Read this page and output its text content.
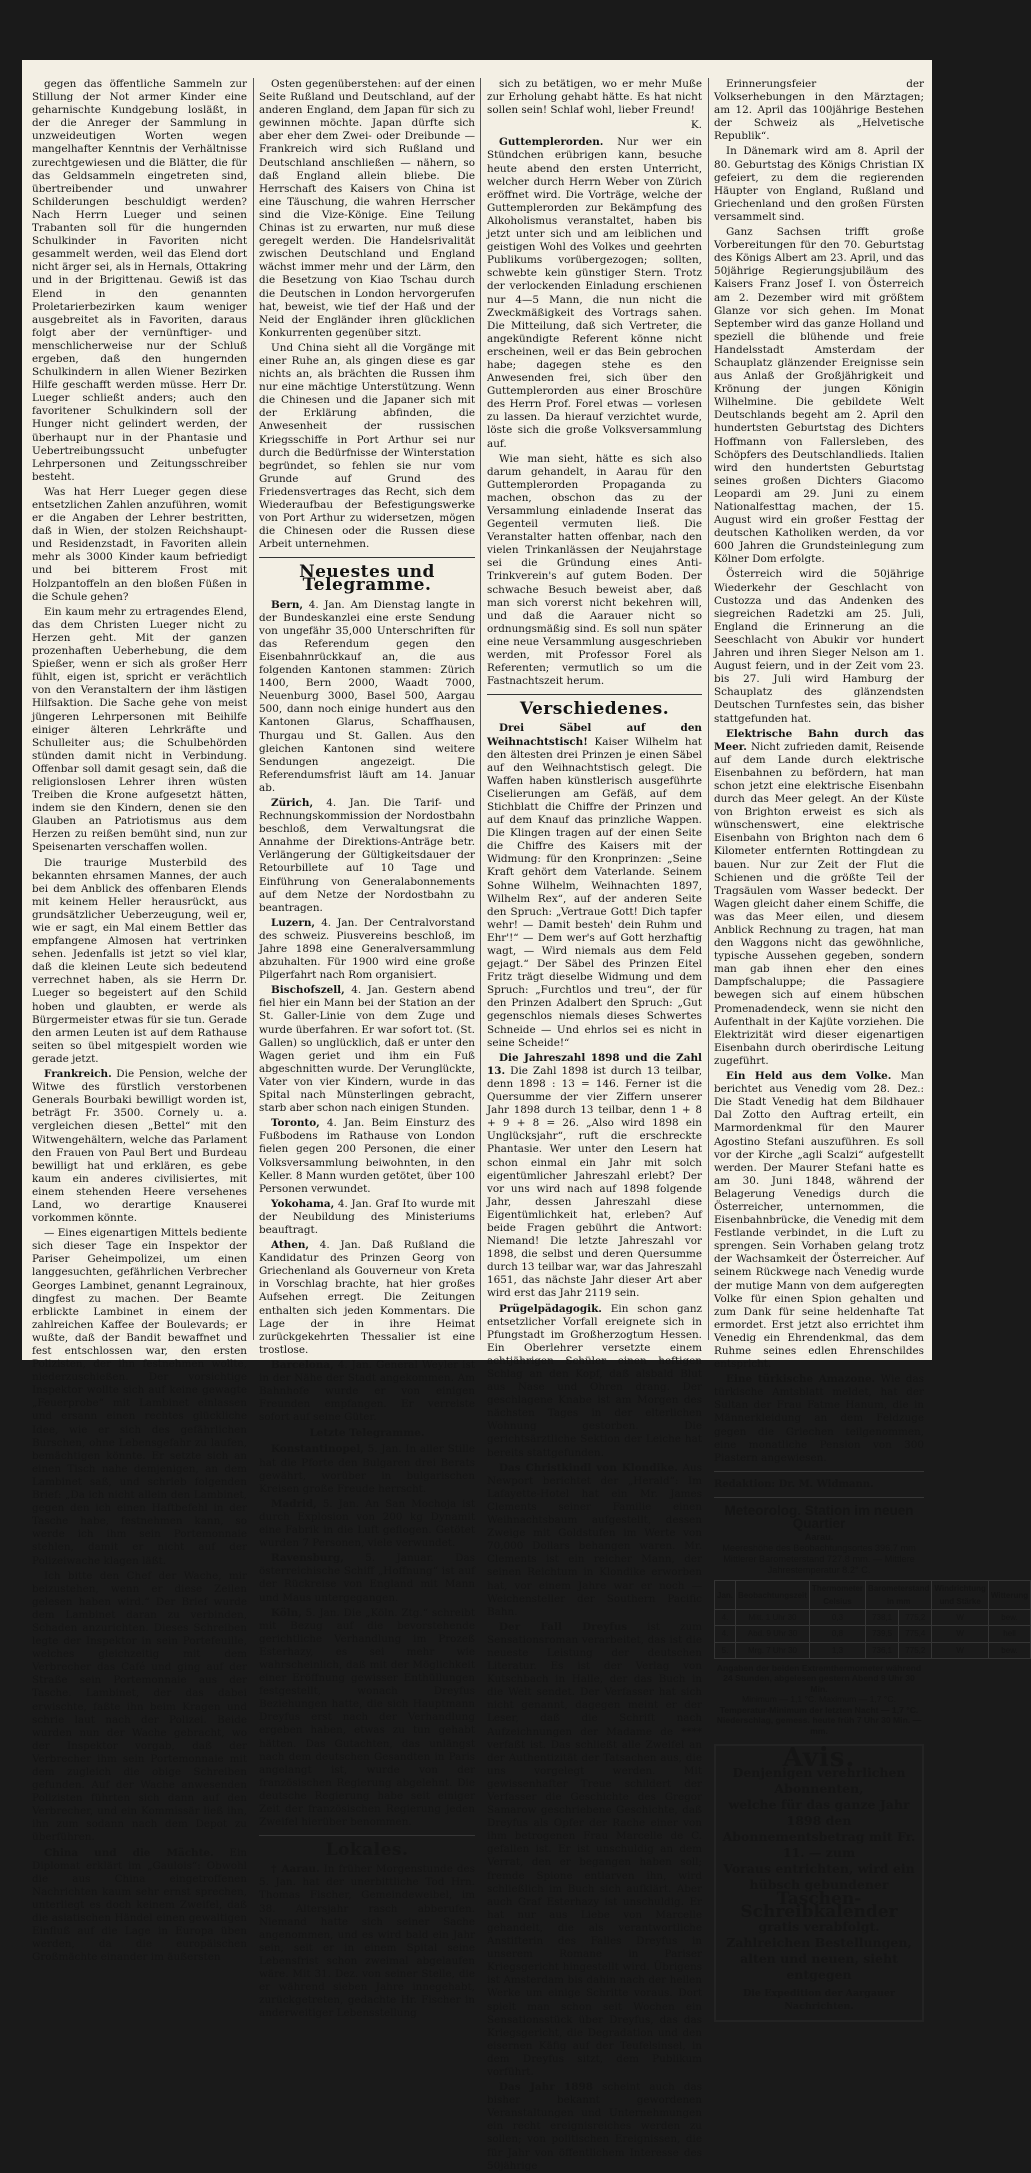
gegen das öffentliche Sammeln zur Stillung der Not armer Kinder eine geharnischte Kundgebung losläßt, in der die Anreger der Sammlung in unzweideutigen Worten wegen mangelhafter Kenntnis der Verhältnisse zurechtgewiesen und die Blätter, die für das Geldsammeln eingetreten sind, übertreibender und unwahrer Schilderungen beschuldigt werden? Nach Herrn Lueger und seinen Trabanten soll für die hungernden Schulkinder in Favoriten nicht gesammelt werden, weil das Elend dort nicht ärger sei, als in Hernals, Ottakring und in der Brigittenau. Gewiß ist das Elend in den genannten Proletarierbezirken kaum weniger ausgebreitet als in Favoriten, daraus folgt aber der vernünftiger- und menschlicherweise nur der Schluß ergeben, daß den hungernden Schulkindern in allen Wiener Bezirken Hilfe geschafft werden müsse. Herr Dr. Lueger schließt anders; auch den favoritener Schulkindern soll der Hunger nicht gelindert werden, der überhaupt nur in der Phantasie und Uebertreibungssucht unbefugter Lehrpersonen und Zeitungsschreiber besteht.

Was hat Herr Lueger gegen diese entsetzlichen Zahlen anzuführen, womit er die Angaben der Lehrer bestritten, daß in Wien, der stolzen Reichshaupt- und Residenzstadt, in Favoriten allein mehr als 3000 Kinder kaum befriedigt und bei bitterem Frost mit Holzpantoffeln an den bloßen Füßen in die Schule gehen?

Ein kaum mehr zu ertragendes Elend, das dem Christen Lueger nicht zu Herzen geht. Mit der ganzen prozenhaften Ueberhebung, die dem Spießer, wenn er sich als großer Herr fühlt, eigen ist, spricht er verächtlich von den Veranstaltern der ihm lästigen Hilfsaktion. Die Sache gehe von meist jüngeren Lehrpersonen mit Beihilfe einiger älteren Lehrkräfte und Schulleiter aus; die Schulbehörden stünden damit nicht in Verbindung. Offenbar soll damit gesagt sein, daß die religionslosen Lehrer ihren wüsten Treiben die Krone aufgesetzt hätten, indem sie den Kindern, denen sie den Glauben an Patriotismus aus dem Herzen zu reißen bemüht sind, nun zur Speisenarten verschaffen wollen.

Die traurige Musterbild des bekannten ehrsamen Mannes, der auch bei dem Anblick des offenbaren Elends mit keinem Heller herausrückt, aus grundsätzlicher Ueberzeugung, weil er, wie er sagt, ein Mal einem Bettler das empfangene Almosen hat vertrinken sehen. Jedenfalls ist jetzt so viel klar, daß die kleinen Leute sich bedeutend verrechnet haben, als sie Herrn Dr. Lueger so begeistert auf den Schild hoben und glaubten, er werde als Bürgermeister etwas für sie tun. Gerade den armen Leuten ist auf dem Rathause seiten so übel mitgespielt worden wie gerade jetzt.

Frankreich. Die Pension, welche der Witwe des fürstlich verstorbenen Generals Bourbaki bewilligt worden ist, beträgt Fr. 3500. Cornely u. a. vergleichen diesen „Bettel“ mit den Witwengehältern, welche das Parlament den Frauen von Paul Bert und Burdeau bewilligt hat und erklären, es gebe kaum ein anderes civilisiertes, mit einem stehenden Heere versehenes Land, wo derartige Knauserei vorkommen könnte.

— Eines eigenartigen Mittels bediente sich dieser Tage ein Inspektor der Pariser Geheimpolizei, um einen langgesuchten, gefährlichen Verbrecher Georges Lambinet, genannt Legrainoux, dingfest zu machen. Der Beamte erblickte Lambinet in einem der zahlreichen Kaffee der Boulevards; er wußte, daß der Bandit bewaffnet und fest entschlossen war, den ersten Polizisten, der ihn festnehmen wollte, niederzuschießen. Der vorsichtige Inspektor wollte sich auf keine gewagte „Feuerprobe“ mit Lambinet einlassen und ersann einen rechtes glückliche Idee, wie er sich des gefährlichen Burschen, ohne Lebensgefahr zu laufen, bemächtigen könnte. Er setzte sich an einen Tisch nahe demjenigen, an dem Lambinet saß, und schrieb folgenden Brief: „Da ich nicht allein den Lambinet, gegen den ich einen Haftbefehl in der Tasche habe, festnehmen kann, so werde ich ihm sein Portemonnaie stehlen, damit er nicht auf der Polizeiwache klagen läßt.

Ich bitte den Chef der Wache, mir beizustehen, wenn er diese Zeilen gelesen haben wird.“ Der Brief wurde dem Lambinet daran zu verbinden, Schaden anzurichten. Dieses Schreiben legte der Inspektor in sein Portefeuille, welches gleichzeitig mit dem Verbrecher das Café und ging auf der Straße sein Portemonnaie aus der Tasche. Lambinet, der das dabei erwischte, faßte ihn beim Kragen und schrie laut nach der Polizei. Beide wurden nun der Wache gebracht, wo der Inspektor vorgab, daß der Verbrecher ihm sein Portemonnaie mit dem zugleich die obige Schreiben gefunden. Auf der Wache anwesenden Polizisten führten sich dann auf den Verbrecher, und ein Kommissär ließ ihn, ihn zum sodann nach dem Depot zu überführen.

China und die Mächte. Ein Diplomat erklärt im „Gaulois“: Obwohl die aus China eingetroffenen Nachrichten kaum sehr ernst sprechen, unterliegt es doch keinem Zweifel, daß die asiatischen Händel einen gewaltigen Einfluß auf die Lage in Europa üben werden, da die europäischen Großmächte einander im äußersten

Osten gegenüberstehen: auf der einen Seite Rußland und Deutschland, auf der anderen England, dem Japan für sich zu gewinnen möchte. Japan dürfte sich aber eher dem Zwei- oder Dreibunde — Frankreich wird sich Rußland und Deutschland anschließen — nähern, so daß England allein bliebe. Die Herrschaft des Kaisers von China ist eine Täuschung, die wahren Herrscher sind die Vize-Könige. Eine Teilung Chinas ist zu erwarten, nur muß diese geregelt werden. Die Handelsrivalität zwischen Deutschland und England wächst immer mehr und der Lärm, den die Besetzung von Kiao Tschau durch die Deutschen in London hervorgerufen hat, beweist, wie tief der Haß und der Neid der Engländer ihren glücklichen Konkurrenten gegenüber sitzt.

Und China sieht all die Vorgänge mit einer Ruhe an, als gingen diese es gar nichts an, als brächten die Russen ihm nur eine mächtige Unterstützung. Wenn die Chinesen und die Japaner sich mit der Erklärung abfinden, die Anwesenheit der russischen Kriegsschiffe in Port Arthur sei nur durch die Bedürfnisse der Winterstation begründet, so fehlen sie nur vom Grunde auf Grund des Friedensvertrages das Recht, sich dem Wiederaufbau der Befestigungswerke von Port Arthur zu widersetzen, mögen die Chinesen oder die Russen diese Arbeit unternehmen.

Neuestes und Telegramme.

Bern, 4. Jan. Am Dienstag langte in der Bundeskanzlei eine erste Sendung von ungefähr 35,000 Unterschriften für das Referendum gegen den Eisenbahnrückkauf an, die aus folgenden Kantonen stammen: Zürich 1400, Bern 2000, Waadt 7000, Neuenburg 3000, Basel 500, Aargau 500, dann noch einige hundert aus den Kantonen Glarus, Schaffhausen, Thurgau und St. Gallen. Aus den gleichen Kantonen sind weitere Sendungen angezeigt. Die Referendumsfrist läuft am 14. Januar ab.

Zürich, 4. Jan. Die Tarif- und Rechnungskommission der Nordostbahn beschloß, dem Verwaltungsrat die Annahme der Direktions-Anträge betr. Verlängerung der Gültigkeitsdauer der Retourbillete auf 10 Tage und Einführung von Generalabonnements auf dem Netze der Nordostbahn zu beantragen.

Luzern, 4. Jan. Der Centralvorstand des schweiz. Piusvereins beschloß, im Jahre 1898 eine Generalversammlung abzuhalten. Für 1900 wird eine große Pilgerfahrt nach Rom organisiert.

Bischofszell, 4. Jan. Gestern abend fiel hier ein Mann bei der Station an der St. Galler-Linie von dem Zuge und wurde überfahren. Er war sofort tot. (St. Gallen) so unglücklich, daß er unter den Wagen geriet und ihm ein Fuß abgeschnitten wurde. Der Verunglückte, Vater von vier Kindern, wurde in das Spital nach Münsterlingen gebracht, starb aber schon nach einigen Stunden.

Toronto, 4. Jan. Beim Einsturz des Fußbodens im Rathause von London fielen gegen 200 Personen, die einer Volksversammlung beiwohnten, in den Keller. 8 Mann wurden getötet, über 100 Personen verwundet.

Yokohama, 4. Jan. Graf Ito wurde mit der Neubildung des Ministeriums beauftragt.

Athen, 4. Jan. Daß Rußland die Kandidatur des Prinzen Georg von Griechenland als Gouverneur von Kreta in Vorschlag brachte, hat hier großes Aufsehen erregt. Die Zeitungen enthalten sich jeden Kommentars. Die Lage der in ihre Heimat zurückgekehrten Thessalier ist eine trostlose.

Barcelona, 4. Jan. General Weyler ist in der Nähe der Stadt angekommen. Am Bahnhofe wurde er von einigen Freunden empfangen. Er verreiste sofort auf seine Güter.

Letzte Telegramme.

Konstantinopel, 5. Jan. In aller Stille hat die Pforte den Bulgaren drei Berats gewährt, worüber in bulgarischen Kreisen große Freude herrscht.

Madrid, 5. Jan. An San Mochoja ist durch Explosion von 200 kg Dynamit eine Fabrik in die Luft geflogen. Getötet wurden 7 Personen, viele verwundet.

Ravensburg, 5. Januar. Das österreichische Schiff „Hoffnung“ ist auf der Rückreise von England mit Mann und Maus untergegangen.

Köln, 5. Jan. Die „Köln. Ztg.“ schreibt mit Bezug auf die bevorstehende gerichtliche Verhandlung im Prozeß Esterhazy, es sei mehr wie wahrscheinlich, daß mit der Möglichkeit einer Eröffnung gewisser Enthüllungen festgestellt, wonach Dreyfus Beziehungen hatte, die sich Hauptmann Dreyfus erst nach der Verhandlung ergeben haben, etwas zu tun gehabt hätten. Das Gutachten, das unlängst nach dem deutschen Gesandten in Paris angelangt ist, wurde von der französischen Regierung abgelehnt. Die deutsche Regierung habe seit einiger Zeit der französischen Regierung jeden Zweifel hierüber benommen.

Lokales.

† Aarau. In früher Morgenstunde des 5. Jan. hat der unerbittliche Tod Hrn. Thomas Fischer, Gemeindeweibel, im 38. Altersjahr rasch abberufen. Niemand hatte sich seiner Sache angenommen, und es wird bald ein Jahr sein, seit er in einem Spital seine Lebensfrist schon zweimal abgelaufen wäre. Mit 31. Dez. von seiner Stelle, die er während sieben Jahre innegehabt, zurückgetreten, gedachte Hr. Fischer in anderweitiger Lebensstellung

sich zu betätigen, wo er mehr Muße zur Erholung gehabt hätte. Es hat nicht sollen sein! Schlaf wohl, lieber Freund!

K.

Guttemplerorden. Nur wer ein Stündchen erübrigen kann, besuche heute abend den ersten Unterricht, welcher durch Herrn Weber von Zürich eröffnet wird. Die Vorträge, welche der Guttemplerorden zur Bekämpfung des Alkoholismus veranstaltet, haben bis jetzt unter sich und am leiblichen und geistigen Wohl des Volkes und geehrten Publikums vorübergezogen; sollten, schwebte kein günstiger Stern. Trotz der verlockenden Einladung erschienen nur 4—5 Mann, die nun nicht die Zweckmäßigkeit des Vortrags sahen. Die Mitteilung, daß sich Vertreter, die angekündigte Referent könne nicht erscheinen, weil er das Bein gebrochen habe; dagegen stehe es den Anwesenden frei, sich über den Guttemplerorden aus einer Broschüre des Herrn Prof. Forel etwas — vorlesen zu lassen. Da hierauf verzichtet wurde, löste sich die große Volksversammlung auf.

Wie man sieht, hätte es sich also darum gehandelt, in Aarau für den Guttemplerorden Propaganda zu machen, obschon das zu der Versammlung einladende Inserat das Gegenteil vermuten ließ. Die Veranstalter hatten offenbar, nach den vielen Trinkanlässen der Neujahrstage sei die Gründung eines Anti-Trinkverein's auf gutem Boden. Der schwache Besuch beweist aber, daß man sich vorerst nicht bekehren will, und daß die Aarauer nicht so ordnungsmäßig sind. Es soll nun später eine neue Versammlung ausgeschrieben werden, mit Professor Forel als Referenten; vermutlich so um die Fastnachtszeit herum.

Verschiedenes.

Drei Säbel auf den Weihnachtstisch! Kaiser Wilhelm hat den ältesten drei Prinzen je einen Säbel auf den Weihnachtstisch gelegt. Die Waffen haben künstlerisch ausgeführte Ciselierungen am Gefäß, auf dem Stichblatt die Chiffre der Prinzen und auf dem Knauf das prinzliche Wappen. Die Klingen tragen auf der einen Seite die Chiffre des Kaisers mit der Widmung: für den Kronprinzen: „Seine Kraft gehört dem Vaterlande. Seinem Sohne Wilhelm, Weihnachten 1897, Wilhelm Rex“, auf der anderen Seite den Spruch: „Vertraue Gott! Dich tapfer wehr! — Damit besteh' dein Ruhm und Ehr'!“ — Dem wer's auf Gott herzhaftig wagt, — Wird niemals aus dem Feld gejagt.“ Der Säbel des Prinzen Eitel Fritz trägt dieselbe Widmung und dem Spruch: „Furchtlos und treu“, der für den Prinzen Adalbert den Spruch: „Gut gegenschlos niemals dieses Schwertes Schneide — Und ehrlos sei es nicht in seine Scheide!“

Die Jahreszahl 1898 und die Zahl 13. Die Zahl 1898 ist durch 13 teilbar, denn 1898 : 13 = 146. Ferner ist die Quersumme der vier Ziffern unserer Jahr 1898 durch 13 teilbar, denn 1 + 8 + 9 + 8 = 26. „Also wird 1898 ein Unglücksjahr“, ruft die erschreckte Phantasie. Wer unter den Lesern hat schon einmal ein Jahr mit solch eigentümlicher Jahreszahl erlebt? Der vor uns wird nach auf 1898 folgende Jahr, dessen Jahreszahl diese Eigentümlichkeit hat, erleben? Auf beide Fragen gebührt die Antwort: Niemand! Die letzte Jahreszahl vor 1898, die selbst und deren Quersumme durch 13 teilbar war, war das Jahreszahl 1651, das nächste Jahr dieser Art aber wird erst das Jahr 2119 sein.

Prügelpädagogik. Ein schon ganz entsetzlicher Vorfall ereignete sich in Pfungstadt im Großherzogtum Hessen. Ein Oberlehrer versetzte einem achtjährigen Schüler einen heftigen Schlag an den Kopf, daß alsbald Blut aus Nase und Ohren drang. Der geschlagene Knabe ist am Morgen des nächsten Tages in der elterlichen Wohnung gestorben. Die gerichtsärztliche Sektion der Leiche hat bereits stattgefunden.

Das Christkindl von Klondike. Aus Newport berichtet der „Herald“: Im Lafayette-Hotel hat ein Mr. James Clements seiner Familie einen Weihnachtsbaum aufgestellt, dessen Zweige mit Goldstufen im Werte von 70,000 Dollars behangen waren. Mr. Clements ist ein reicher Mann, der seinen Reichtum in Klondike erworben hat, vor einem Jahre war er noch — Weichensteller der Southern Pacific Bahn.

Der Fall Dreyfus ist zum Sensationsroman verarbeitet, das ist die neueste Leistung der deutschen Literatur. Es ist der Verlag von Kutschbach in Halle, der das Buch in die Welt sendet. Der Verfasser hat sich nicht genannt, dagegen meint er der Leser, daß die Schrift nach Aufzeichnungen der Madame de **** verfaßt ist. Das schließt alle Zweifel an der Authentizität der Tatsachen aus, die uns vorgelegt werden. Mit gewissenhafter Treue schildert der Verfasser die Geschichte des Gregor Samarow geschriebene Geschichte, daß Dreyfus als Opfer der Rache einer von ihm betrogenen Frau Marcelle de C. gefallen ist. Er ist unschuldig an dem Verrat, den er begangen haben soll; fremde Spione entlarven ihn, wird schließlich im Buch sich aufklärt. Aber auch Graf Esterhazy ist unschuldig. Er hat nur aus Liebe von Marcelle gehandelt, die als verantwortliche Anstifterin des Falles Dreyfus in unserem Romane in Pariser Kriegsgericht hingestellt wird. Übrigens ist Amsterdam bis dahin nach der hellen Werke um einige Schritte voraus. Dort spielt man schon seit Wochen ein Sensationsstück über Dreyfus, das das Kriegsgericht, die Degradation und den eisernen Käfig auf der Teufelsinsel, in dem Dreyfus sitzt, dem Publikum vorführt.

Das Jahr 1898 scheint auch das bisher bekannt gewordenen Veranstaltungen und Unternehmungen ein recht ereignisreiches werden zu sollen; von politischen Ereignissen, die für Jahr von öffentlichem Interesse des 50jährige

Erinnerungsfeier der Volkserhebungen in den Märztagen; am 12. April das 100jährige Bestehen der Schweiz als „Helvetische Republik“.

In Dänemark wird am 8. April der 80. Geburtstag des Königs Christian IX gefeiert, zu dem die regierenden Häupter von England, Rußland und Griechenland und den großen Fürsten versammelt sind.

Ganz Sachsen trifft große Vorbereitungen für den 70. Geburtstag des Königs Albert am 23. April, und das 50jährige Regierungsjubiläum des Kaisers Franz Josef I. von Österreich am 2. Dezember wird mit größtem Glanze vor sich gehen. Im Monat September wird das ganze Holland und speziell die blühende und freie Handelsstadt Amsterdam der Schauplatz glänzender Ereignisse sein aus Anlaß der Großjährigkeit und Krönung der jungen Königin Wilhelmine. Die gebildete Welt Deutschlands begeht am 2. April den hundertsten Geburtstag des Dichters Hoffmann von Fallersleben, des Schöpfers des Deutschlandlieds. Italien wird den hundertsten Geburtstag seines großen Dichters Giacomo Leopardi am 29. Juni zu einem Nationalfesttag machen, der 15. August wird ein großer Festtag der deutschen Katholiken werden, da vor 600 Jahren die Grundsteinlegung zum Kölner Dom erfolgte.

Österreich wird die 50jährige Wiederkehr der Geschlacht von Custozza und das Andenken des siegreichen Radetzki am 25. Juli, England die Erinnerung an die Seeschlacht von Abukir vor hundert Jahren und ihren Sieger Nelson am 1. August feiern, und in der Zeit vom 23. bis 27. Juli wird Hamburg der Schauplatz des glänzendsten Deutschen Turnfestes sein, das bisher stattgefunden hat.

Elektrische Bahn durch das Meer. Nicht zufrieden damit, Reisende auf dem Lande durch elektrische Eisenbahnen zu befördern, hat man schon jetzt eine elektrische Eisenbahn durch das Meer gelegt. An der Küste von Brighton erweist es sich als wünschenswert, eine elektrische Eisenbahn von Brighton nach dem 6 Kilometer entfernten Rottingdean zu bauen. Nur zur Zeit der Flut die Schienen und die größte Teil der Tragsäulen vom Wasser bedeckt. Der Wagen gleicht daher einem Schiffe, die was das Meer eilen, und diesem Anblick Rechnung zu tragen, hat man den Waggons nicht das gewöhnliche, typische Aussehen gegeben, sondern man gab ihnen eher den eines Dampfschaluppe; die Passagiere bewegen sich auf einem hübschen Promenadendeck, wenn sie nicht den Aufenthalt in der Kajüte vorziehen. Die Elektrizität wird dieser eigenartigen Eisenbahn durch oberirdische Leitung zugeführt.

Ein Held aus dem Volke. Man berichtet aus Venedig vom 28. Dez.: Die Stadt Venedig hat dem Bildhauer Dal Zotto den Auftrag erteilt, ein Marmordenkmal für den Maurer Agostino Stefani auszuführen. Es soll vor der Kirche „agli Scalzi“ aufgestellt werden. Der Maurer Stefani hatte es am 30. Juni 1848, während der Belagerung Venedigs durch die Österreicher, unternommen, die Eisenbahnbrücke, die Venedig mit dem Festlande verbindet, in die Luft zu sprengen. Sein Vorhaben gelang trotz der Wachsamkeit der Österreicher. Auf seinem Rückwege nach Venedig wurde der mutige Mann von dem aufgeregten Volke für einen Spion gehalten und zum Dank für seine heldenhafte Tat ermordet. Erst jetzt also errichtet ihm Venedig ein Ehrendenkmal, das dem Ruhme seines edlen Ehrenschildes entspricht.

Eine türkische Amazone. Wie das türkische Amtsblatt meldet, hat der Sultan der Frau Fatme Hanum, die in Männerkleidung an dem Feldzuge gegen die Griechen teilgenommen, eine monatliche Pension von 300 Piastern angewiesen.

Redaktion: Dr. M. Widmann.
Meteorolog. Station im neuen Quartier
Aarau.
Meereshöhe des Beobachtungsortes 396.7 mm
Mittlerer Barometerstand 727.8 mm. — Mittlere Jahrestemperatur 8.2° C.
Jan.	Beobachtungszeit	Thermometer Celsius	Barometerstand in mm		Windrichtung und Stärke	Witterung
4.	Mitt. 1 Uhr 30	0,3	738,1	775,2	W	bew.
4.	Abd. 9 Uhr 30	0,8	739,5	775,4	W	hell
5.	Mrg. 7 Uhr 30	1,3	736,1	775,2	W	bew.
Angaben der beiden Extremthermometer während 24 Stunden, abgelesen gestern Abend 9 Uhr 30 Min.
Minimum — 1,1 °C. Maximum — 1,7 °C.
Temperatur-Minimum der letzten Nacht — 1,7 °C.
Niederschlag, gemess. heute früh 7 Uhr 30 Min. — mm.
Avis.
Denjenigen verehrlichen Abonnenten,
welche für das ganze Jahr 1898 den
Abonnementsbetrag mit Fr. 11. — zum
Voraus entrichten, wird ein hübsch gebundener
Taschen-Schreibkalender
gratis verabfolgt.
Zahlreichen Bestellungen, alten und neuen, sieht entgegen
Die Expedition der Aargauer Nachrichten.
